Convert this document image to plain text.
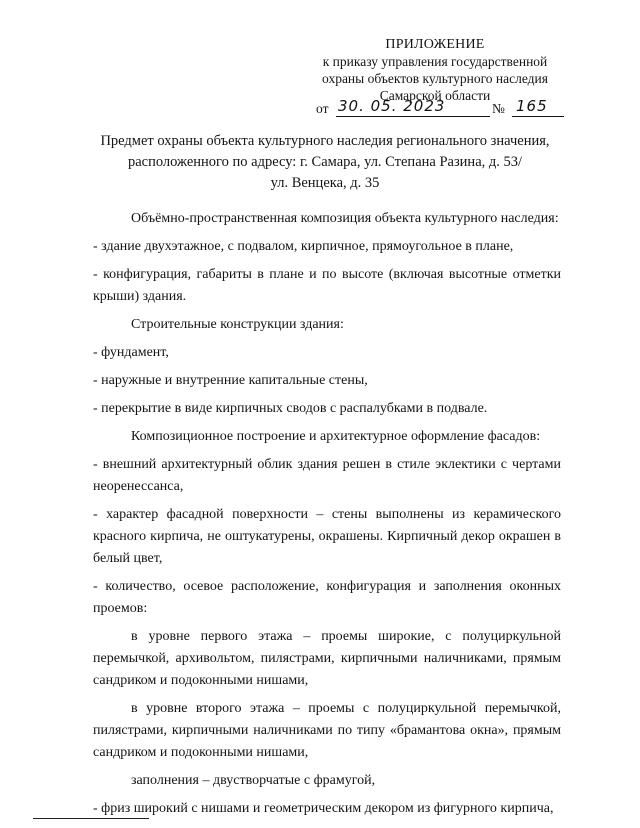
ПРИЛОЖЕНИЕ
к приказу управления государственной
охраны объектов культурного наследия
Самарской области
от 30. 05. 2023	№ 165
Предмет охраны объекта культурного наследия регионального значения,
расположенного по адресу: г. Самара, ул. Степана Разина, д. 53/
ул. Венцека, д. 35

Объёмно-пространственная композиция объекта культурного наследия:

- здание двухэтажное, с подвалом, кирпичное, прямоугольное в плане,

- конфигурация, габариты в плане и по высоте (включая высотные отметки крыши) здания.

Строительные конструкции здания:

- фундамент,

- наружные и внутренние капитальные стены,

- перекрытие в виде кирпичных сводов с распалубками в подвале.

Композиционное построение и архитектурное оформление фасадов:

- внешний архитектурный облик здания решен в стиле эклектики с чертами неоренессанса,

- характер фасадной поверхности – стены выполнены из керамического красного кирпича, не оштукатурены, окрашены. Кирпичный декор окрашен в белый цвет,

- количество, осевое расположение, конфигурация и заполнения оконных проемов:

в уровне первого этажа – проемы широкие, с полуциркульной перемычкой, архивольтом, пилястрами, кирпичными наличниками, прямым сандриком и подоконными нишами,

в уровне второго этажа – проемы с полуциркульной перемычкой, пилястрами, кирпичными наличниками по типу «брамантова окна», прямым сандриком и подоконными нишами,

заполнения – двустворчатые с фрамугой,

- фриз широкий с нишами и геометрическим декором из фигурного кирпича,
